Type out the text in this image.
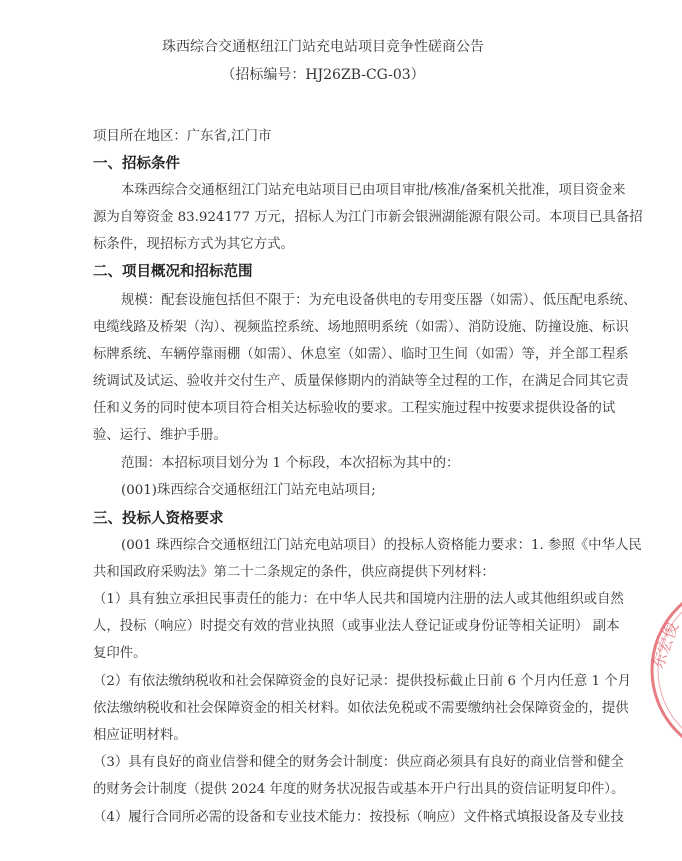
珠西综合交通枢纽江门站充电站项目竞争性磋商公告
（招标编号：HJ26ZB-CG-03）
项目所在地区：广东省,江门市
一、招标条件
本珠西综合交通枢纽江门站充电站项目已由项目审批/核准/备案机关批准，项目资金来
源为自筹资金 83.924177 万元，招标人为江门市新会银洲湖能源有限公司。本项目已具备招
标条件，现招标方式为其它方式。
二、项目概况和招标范围
规模：配套设施包括但不限于：为充电设备供电的专用变压器（如需）、低压配电系统、
电缆线路及桥架（沟）、视频监控系统、场地照明系统（如需）、消防设施、防撞设施、标识
标牌系统、车辆停靠雨棚（如需）、休息室（如需）、临时卫生间（如需）等，并全部工程系
统调试及试运、验收并交付生产、质量保修期内的消缺等全过程的工作，在满足合同其它责
任和义务的同时使本项目符合相关达标验收的要求。工程实施过程中按要求提供设备的试
验、运行、维护手册。
范围：本招标项目划分为 1 个标段，本次招标为其中的：
(001)珠西综合交通枢纽江门站充电站项目;
三、投标人资格要求
(001 珠西综合交通枢纽江门站充电站项目）的投标人资格能力要求：1. 参照《中华人民
共和国政府采购法》第二十二条规定的条件，供应商提供下列材料：
（1）具有独立承担民事责任的能力：在中华人民共和国境内注册的法人或其他组织或自然
人，投标（响应）时提交有效的营业执照（或事业法人登记证或身份证等相关证明） 副本
复印件。
（2）有依法缴纳税收和社会保障资金的良好记录：提供投标截止日前 6 个月内任意 1 个月
依法缴纳税收和社会保障资金的相关材料。如依法免税或不需要缴纳社会保障资金的，提供
相应证明材料。
（3）具有良好的商业信誉和健全的财务会计制度：供应商必须具有良好的商业信誉和健全
的财务会计制度（提供 2024 年度的财务状况报告或基本开户行出具的资信证明复印件）。
（4）履行合同所必需的设备和专业技术能力：按投标（响应）文件格式填报设备及专业技
东宏俊
